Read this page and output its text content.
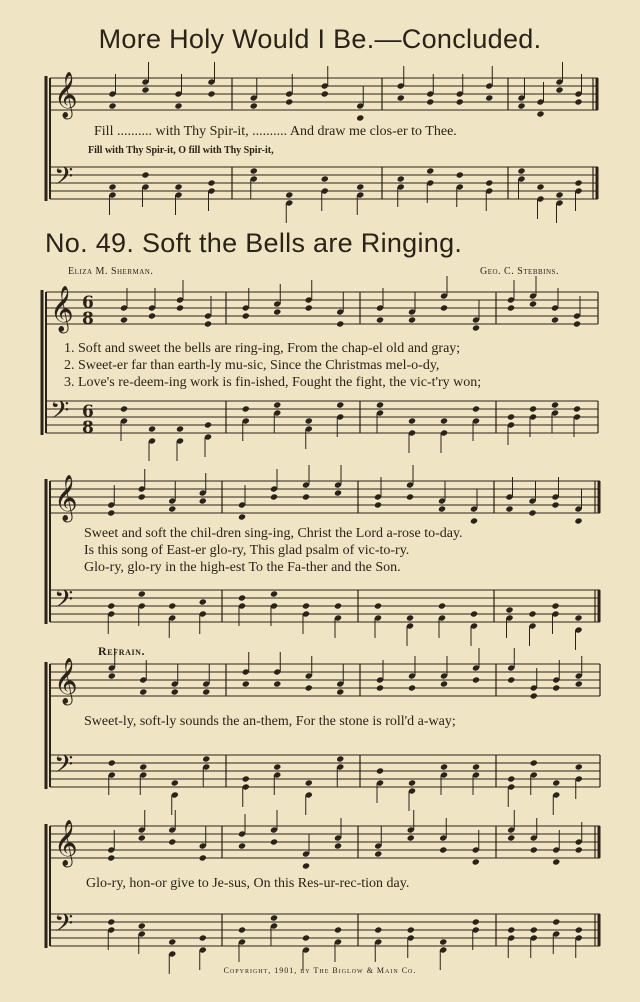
More Holy Would I Be.—Concluded.
Fill .......... with Thy Spir-it, .......... And draw me clos-er to Thee.
Fill with Thy Spir-it, O fill with Thy Spir-it,
No. 49. Soft the Bells are Ringing.
Eliza M. Sherman.	Geo. C. Stebbins.
1. Soft and sweet the bells are ring-ing, From the chap-el old and gray;
2. Sweet-er far than earth-ly mu-sic, Since the Christmas mel-o-dy,
3. Love's re-deem-ing work is fin-ished, Fought the fight, the vic-t'ry won;
Sweet and soft the chil-dren sing-ing, Christ the Lord a-rose to-day.
Is this song of East-er glo-ry, This glad psalm of vic-to-ry.
Glo-ry, glo-ry in the high-est To the Fa-ther and the Son.
Refrain.
Sweet-ly, soft-ly sounds the an-them, For the stone is roll'd a-way;
Glo-ry, hon-or give to Je-sus, On this Res-ur-rec-tion day.
Copyright, 1901, by The Biglow & Main Co.
𝄞
𝄢
𝄞
𝄢
6
8
6
8
𝄞
𝄢
𝄞
𝄢
𝄞
𝄢
